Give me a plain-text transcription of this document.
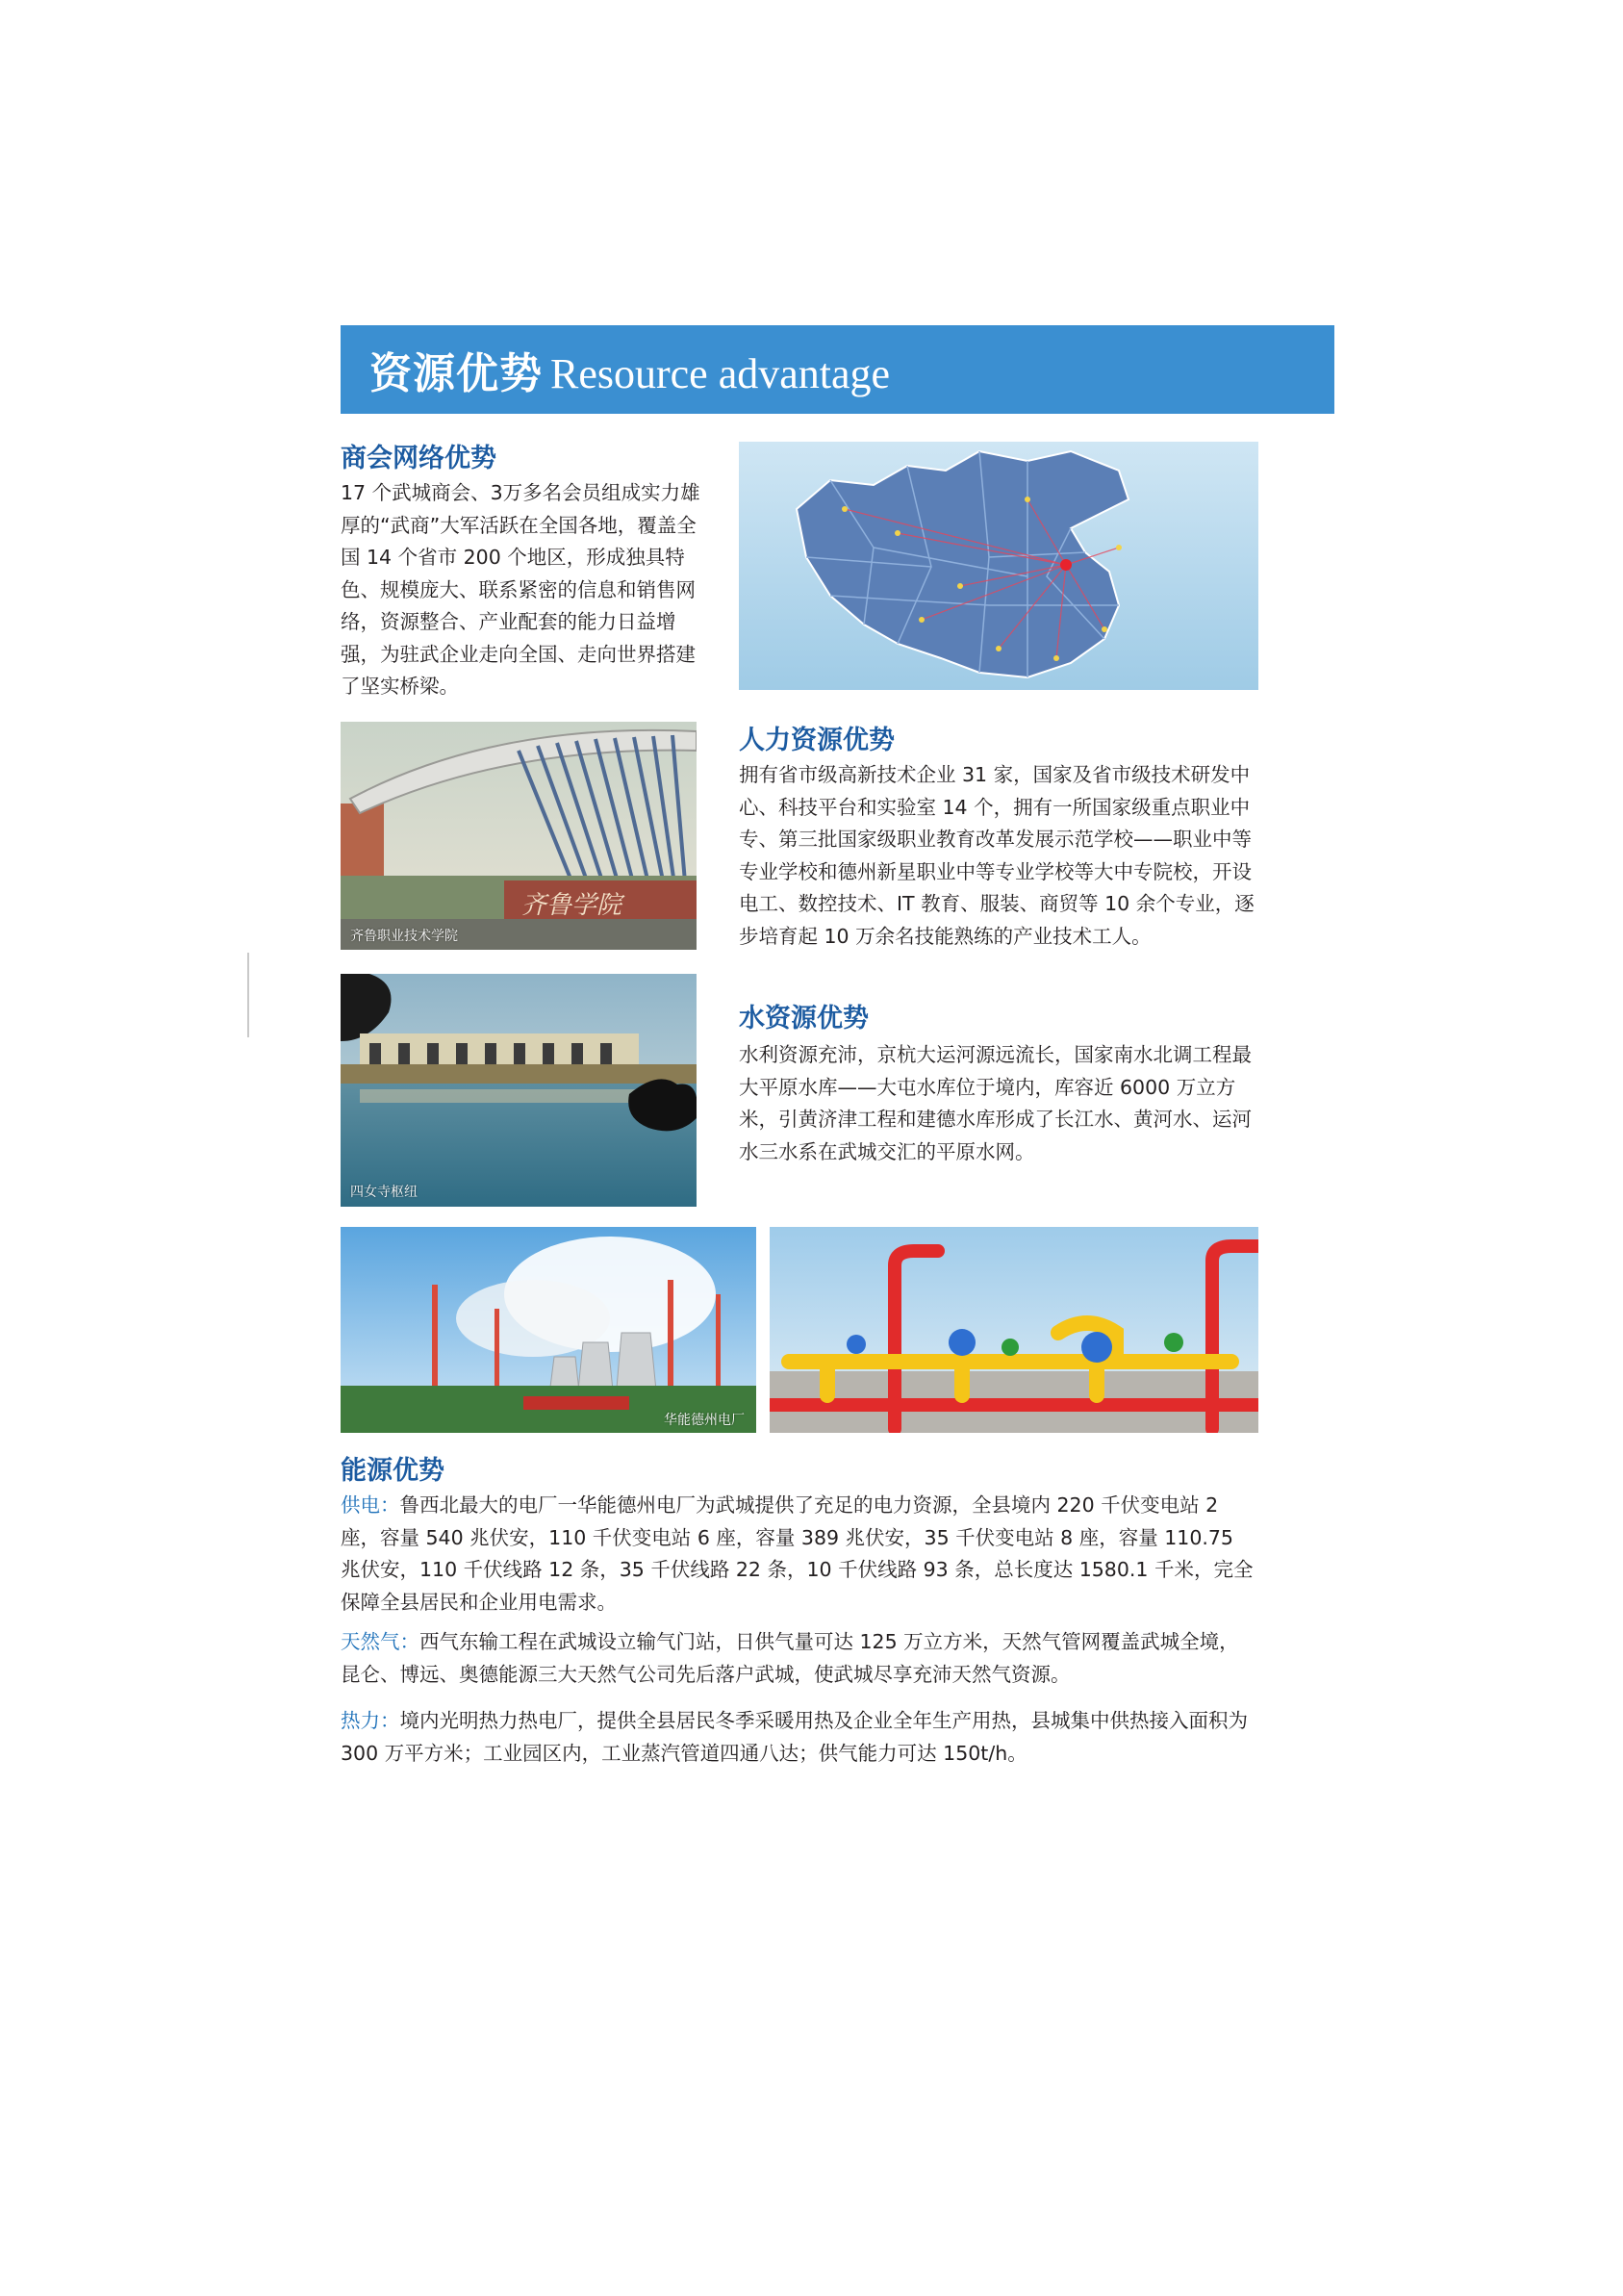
资源优势 Resource advantage
商会网络优势
17 个武城商会、3万多名会员组成实力雄厚的“武商”大军活跃在全国各地，覆盖全国 14 个省市 200 个地区，形成独具特色、规模庞大、联系紧密的信息和销售网络，资源整合、产业配套的能力日益增强，为驻武企业走向全国、走向世界搭建了坚实桥梁。
齐鲁学院
齐鲁职业技术学院
人力资源优势
拥有省市级高新技术企业 31 家，国家及省市级技术研发中心、科技平台和实验室 14 个，拥有一所国家级重点职业中专、第三批国家级职业教育改革发展示范学校——职业中等专业学校和德州新星职业中等专业学校等大中专院校，开设电工、数控技术、IT 教育、服装、商贸等 10 余个专业，逐步培育起 10 万余名技能熟练的产业技术工人。
四女寺枢纽
水资源优势
水利资源充沛，京杭大运河源远流长，国家南水北调工程最大平原水库——大屯水库位于境内，库容近 6000 万立方米，引黄济津工程和建德水库形成了长江水、黄河水、运河水三水系在武城交汇的平原水网。
华能德州电厂
能源优势
供电：鲁西北最大的电厂一华能德州电厂为武城提供了充足的电力资源，全县境内 220 千伏变电站 2 座，容量 540 兆伏安，110 千伏变电站 6 座，容量 389 兆伏安，35 千伏变电站 8 座，容量 110.75 兆伏安，110 千伏线路 12 条，35 千伏线路 22 条，10 千伏线路 93 条，总长度达 1580.1 千米，完全保障全县居民和企业用电需求。
天然气：西气东输工程在武城设立输气门站，日供气量可达 125 万立方米，天然气管网覆盖武城全境，昆仑、博远、奥德能源三大天然气公司先后落户武城，使武城尽享充沛天然气资源。
热力：境内光明热力热电厂，提供全县居民冬季采暖用热及企业全年生产用热，县城集中供热接入面积为 300 万平方米；工业园区内，工业蒸汽管道四通八达；供气能力可达 150t/h。
